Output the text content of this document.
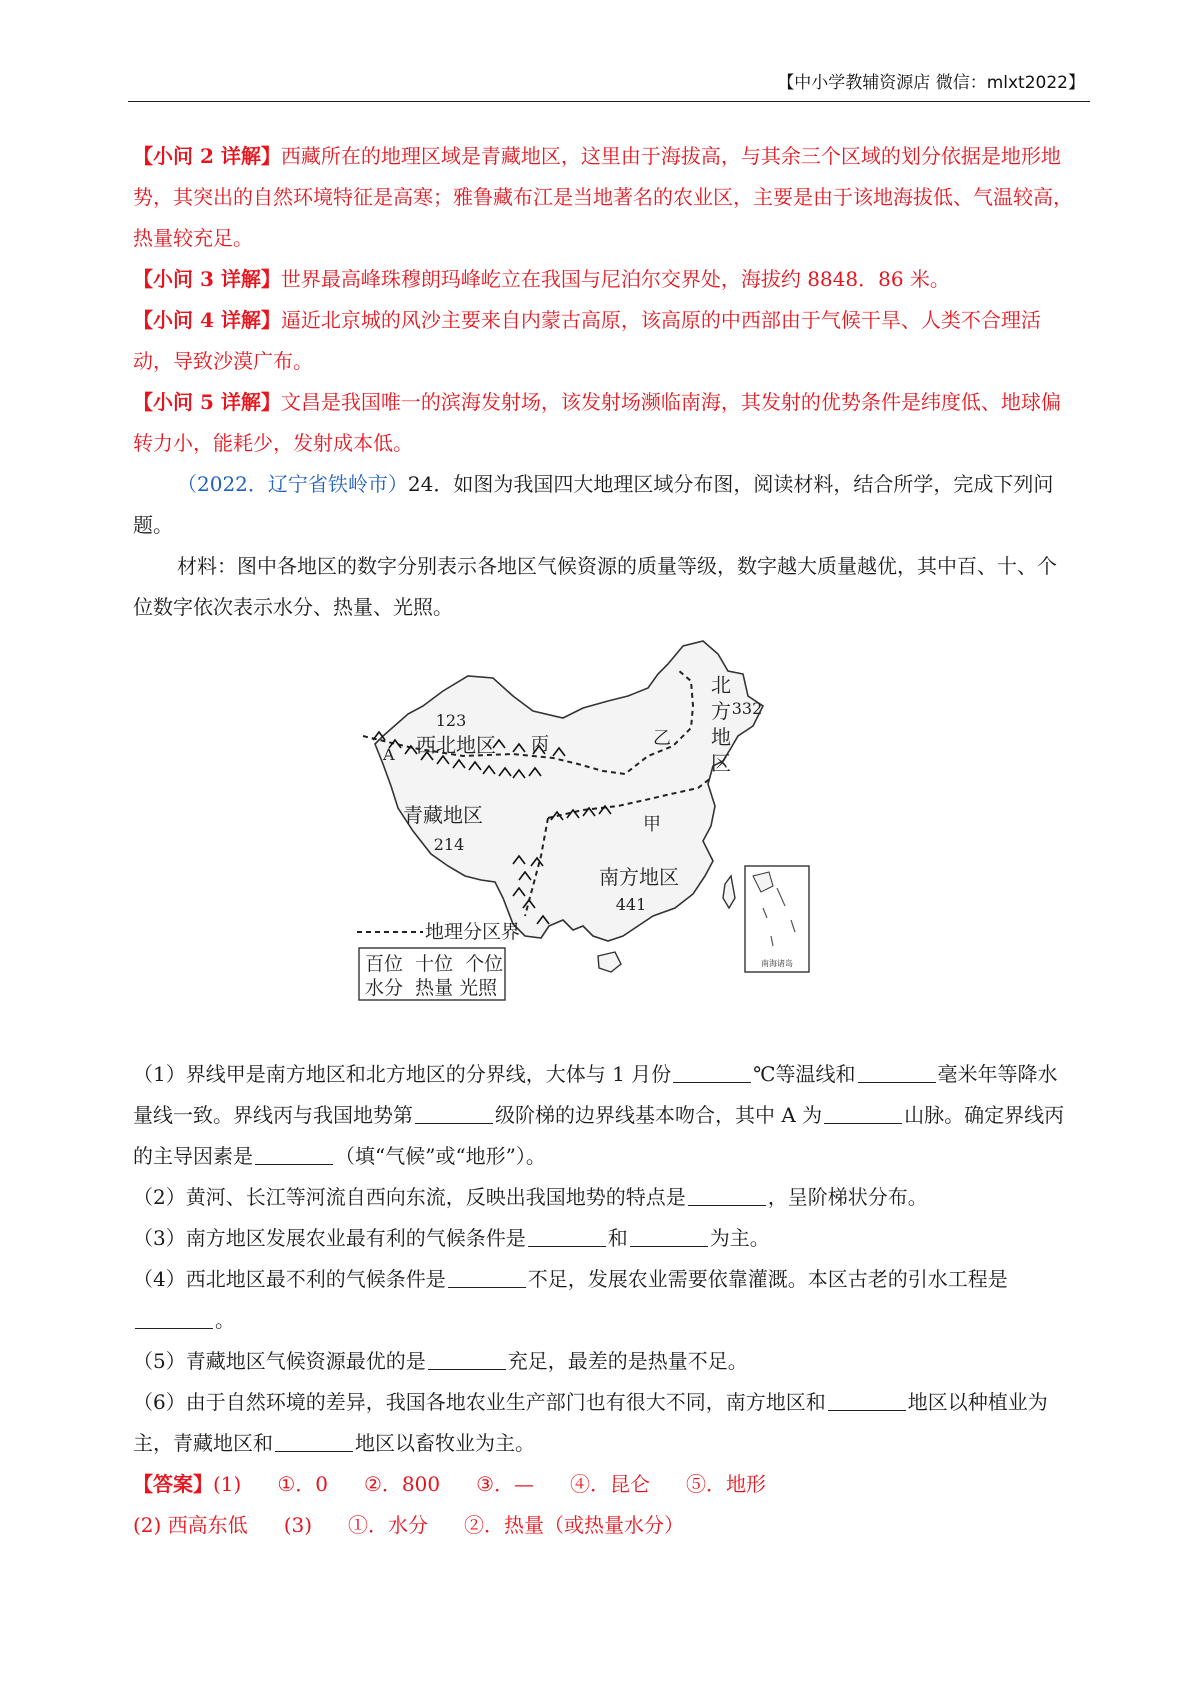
【中小学教辅资源店 微信：mlxt2022】

【小问 2 详解】西藏所在的地理区域是青藏地区，这里由于海拔高，与其余三个区域的划分依据是地形地势，其突出的自然环境特征是高寒；雅鲁藏布江是当地著名的农业区，主要是由于该地海拔低、气温较高，热量较充足。

【小问 3 详解】世界最高峰珠穆朗玛峰屹立在我国与尼泊尔交界处，海拔约 8848．86 米。

【小问 4 详解】逼近北京城的风沙主要来自内蒙古高原，该高原的中西部由于气候干旱、人类不合理活动，导致沙漠广布。

【小问 5 详解】文昌是我国唯一的滨海发射场，该发射场濒临南海，其发射的优势条件是纬度低、地球偏转力小，能耗少，发射成本低。

（2022．辽宁省铁岭市）24．如图为我国四大地理区域分布图，阅读材料，结合所学，完成下列问题。

材料：图中各地区的数字分别表示各地区气候资源的质量等级，数字越大质量越优，其中百、十、个位数字依次表示水分、热量、光照。

南海诸岛
123
西北地区
青藏地区
214
北
方 332
地
区
南方地区
441
丙	乙
甲
A
地理分区界
百位  十位  个位
水分  热量 光照

（1）界线甲是南方地区和北方地区的分界线，大体与 1 月份	℃等温线和	毫米年等降水量线一致。界线丙与我国地势第	级阶梯的边界线基本吻合，其中 A 为	山脉。确定界线丙的主导因素是	（填“气候”或“地形”）。

（2）黄河、长江等河流自西向东流，反映出我国地势的特点是	，呈阶梯状分布。

（3）南方地区发展农业最有利的气候条件是	和	为主。

（4）西北地区最不利的气候条件是	不足，发展农业需要依靠灌溉。本区古老的引水工程是。

（5）青藏地区气候资源最优的是	充足，最差的是热量不足。

（6）由于自然环境的差异，我国各地农业生产部门也有很大不同，南方地区和	地区以种植业为主，青藏地区和	地区以畜牧业为主。

【答案】(1) ①．0 ②．800 ③．— ④．昆仑 ⑤．地形

(2) 西高东低 (3) ①．水分 ②．热量（或热量水分）
